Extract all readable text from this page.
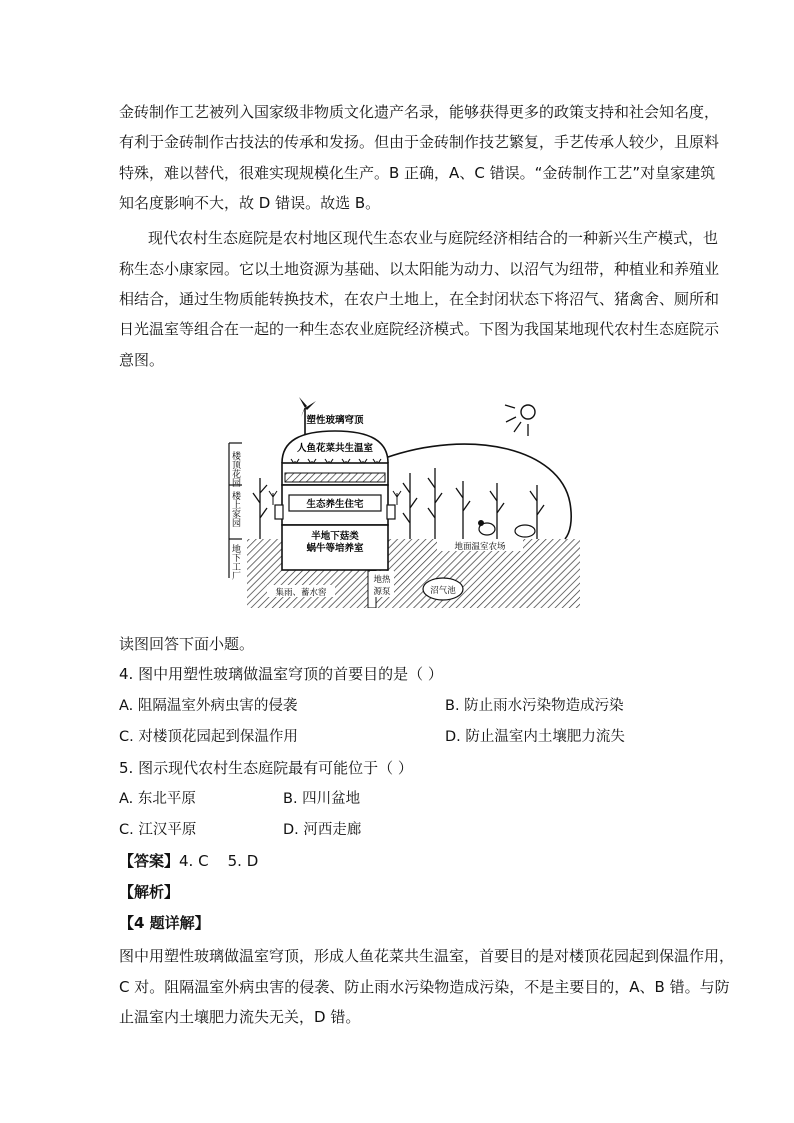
金砖制作工艺被列入国家级非物质文化遗产名录，能够获得更多的政策支持和社会知名度，
有利于金砖制作古技法的传承和发扬。但由于金砖制作技艺繁复，手艺传承人较少，且原料
特殊，难以替代，很难实现规模化生产。B 正确，A、C 错误。“金砖制作工艺”对皇家建筑
知名度影响不大，故 D 错误。故选 B。
现代农村生态庭院是农村地区现代生态农业与庭院经济相结合的一种新兴生产模式，也
称生态小康家园。它以土地资源为基础、以太阳能为动力、以沼气为纽带，种植业和养殖业
相结合，通过生物质能转换技术，在农户土地上，在全封闭状态下将沼气、猪禽舍、厕所和
日光温室等组合在一起的一种生态农业庭院经济模式。下图为我国某地现代农村生态庭院示
意图。
楼顶花园
楼上家园
地下工厂
塑性玻璃穹顶
人鱼花菜共生温室
生态养生住宅
半地下菇类
蜗牛等培养室	地面温室农场
集雨、蓄水窖
地热
源泵	沼气池
读图回答下面小题。
4. 图中用塑性玻璃做温室穹顶的首要目的是（ ）
A. 阻隔温室外病虫害的侵袭	B. 防止雨水污染物造成污染
C. 对楼顶花园起到保温作用	D. 防止温室内土壤肥力流失
5. 图示现代农村生态庭院最有可能位于（ ）
A. 东北平原	B. 四川盆地
C. 江汉平原	D. 河西走廊
【答案】4. C    5. D
【解析】
【4 题详解】
图中用塑性玻璃做温室穹顶，形成人鱼花菜共生温室，首要目的是对楼顶花园起到保温作用，
C 对。阻隔温室外病虫害的侵袭、防止雨水污染物造成污染，不是主要目的，A、B 错。与防
止温室内土壤肥力流失无关，D 错。
